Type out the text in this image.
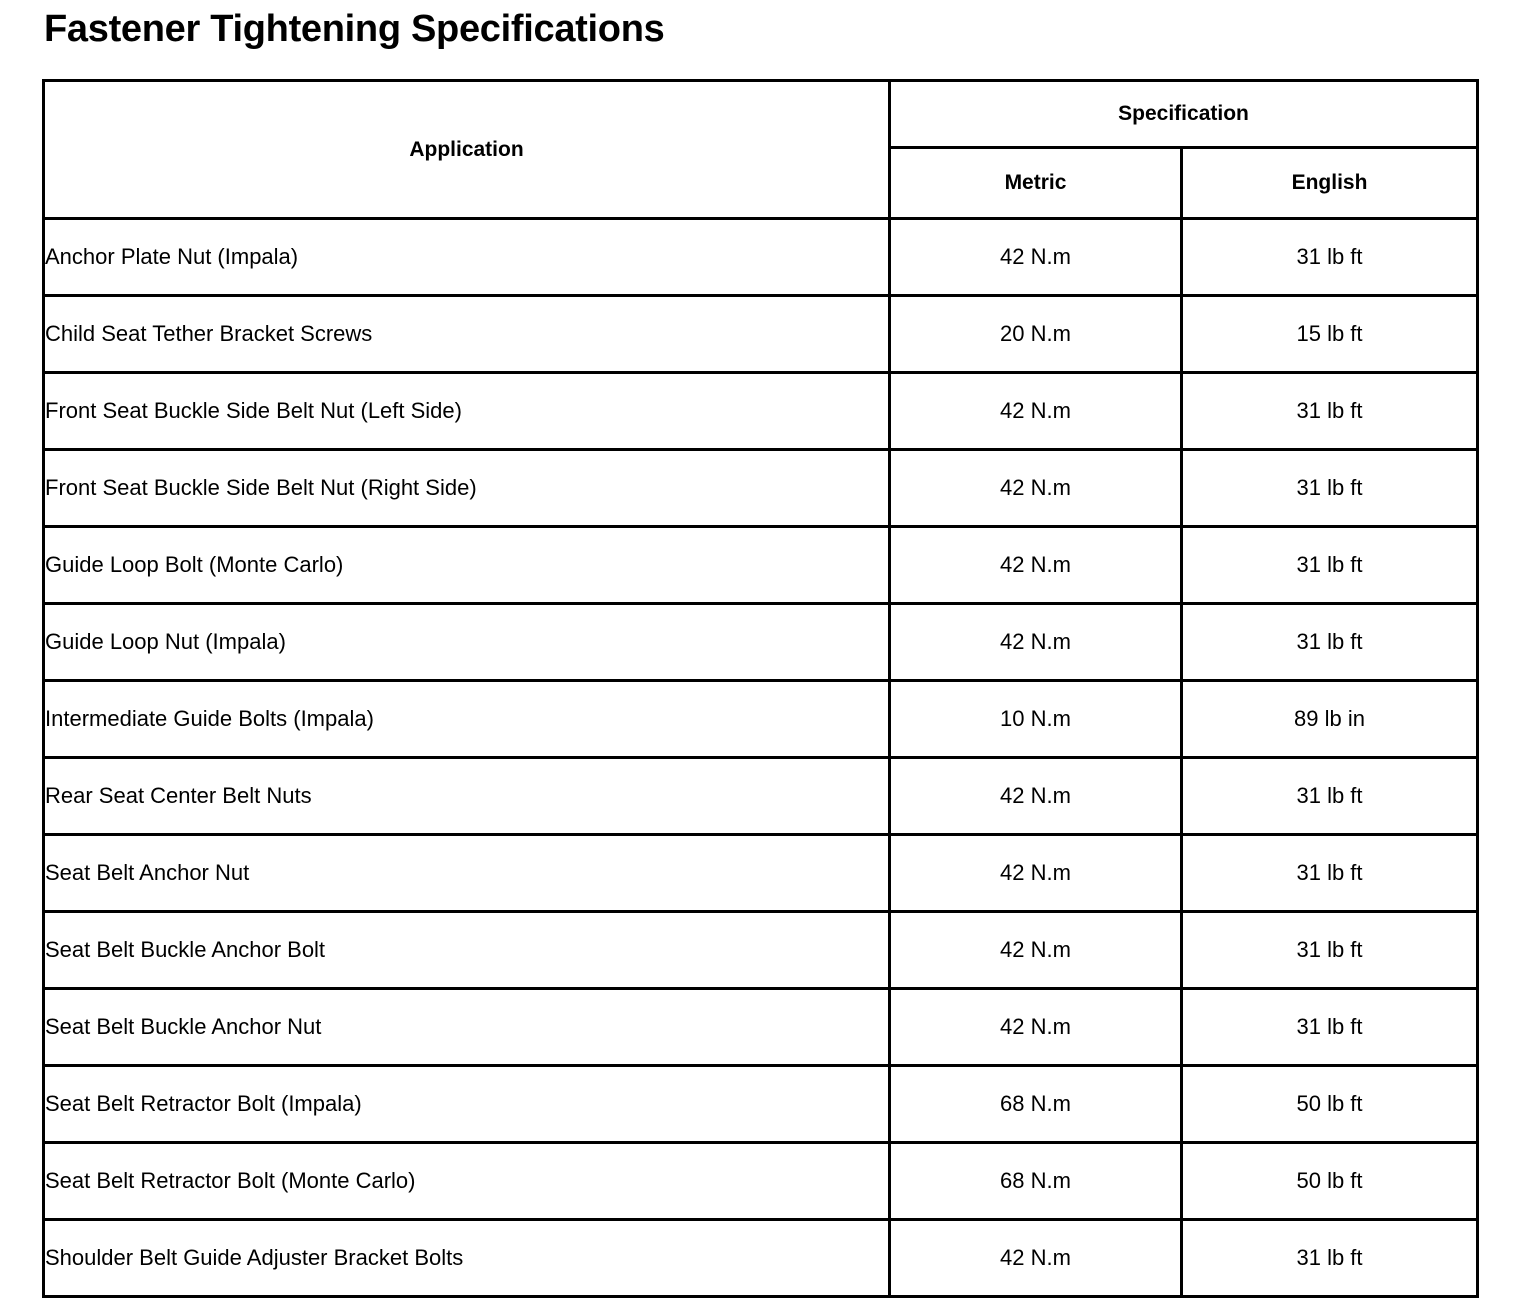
Fastener Tightening Specifications
Application	Specification	
	Metric	English
Anchor Plate Nut (Impala)	42 N.m	31 lb ft
Child Seat Tether Bracket Screws	20 N.m	15 lb ft
Front Seat Buckle Side Belt Nut (Left Side)	42 N.m	31 lb ft
Front Seat Buckle Side Belt Nut (Right Side)	42 N.m	31 lb ft
Guide Loop Bolt (Monte Carlo)	42 N.m	31 lb ft
Guide Loop Nut (Impala)	42 N.m	31 lb ft
Intermediate Guide Bolts (Impala)	10 N.m	89 lb in
Rear Seat Center Belt Nuts	42 N.m	31 lb ft
Seat Belt Anchor Nut	42 N.m	31 lb ft
Seat Belt Buckle Anchor Bolt	42 N.m	31 lb ft
Seat Belt Buckle Anchor Nut	42 N.m	31 lb ft
Seat Belt Retractor Bolt (Impala)	68 N.m	50 lb ft
Seat Belt Retractor Bolt (Monte Carlo)	68 N.m	50 lb ft
Shoulder Belt Guide Adjuster Bracket Bolts	42 N.m	31 lb ft
